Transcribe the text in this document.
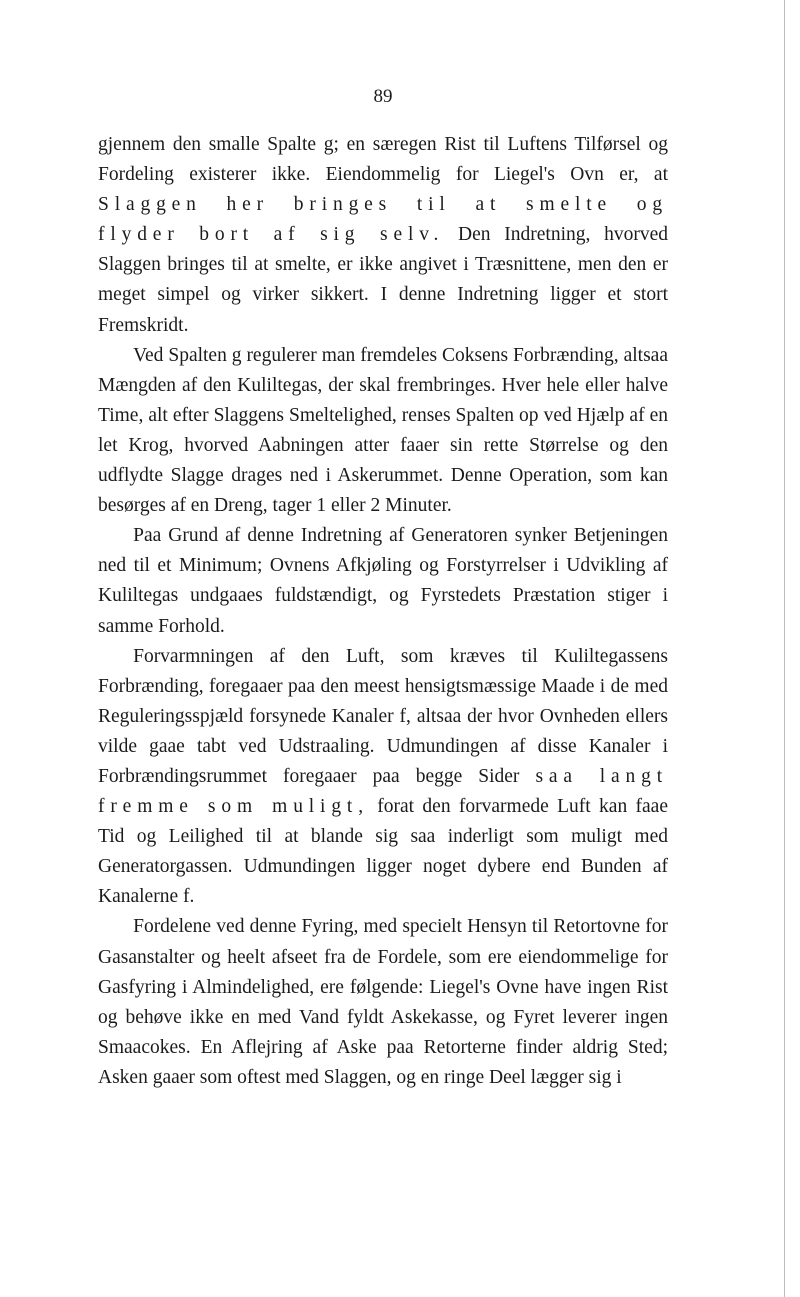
89

gjennem den smalle Spalte g; en særegen Rist til Luftens Tilførsel og Fordeling existerer ikke. Eiendommelig for Liegel's Ovn er, at Slaggen her bringes til at smelte og flyder bort af sig selv. Den Indretning, hvorved Slaggen bringes til at smelte, er ikke angivet i Træsnittene, men den er meget simpel og virker sikkert. I denne Indretning ligger et stort Fremskridt.

Ved Spalten g regulerer man fremdeles Coksens Forbrænding, altsaa Mængden af den Kuliltegas, der skal frembringes. Hver hele eller halve Time, alt efter Slaggens Smeltelighed, renses Spalten op ved Hjælp af en let Krog, hvorved Aabningen atter faaer sin rette Størrelse og den udflydte Slagge drages ned i Askerummet. Denne Operation, som kan besørges af en Dreng, tager 1 eller 2 Minuter.

Paa Grund af denne Indretning af Generatoren synker Betjeningen ned til et Minimum; Ovnens Afkjøling og Forstyrrelser i Udvikling af Kuliltegas undgaaes fuldstændigt, og Fyrstedets Præstation stiger i samme Forhold.

Forvarmningen af den Luft, som kræves til Kuliltegassens Forbrænding, foregaaer paa den meest hensigtsmæssige Maade i de med Reguleringsspjæld forsynede Kanaler f, altsaa der hvor Ovnheden ellers vilde gaae tabt ved Udstraaling. Udmundingen af disse Kanaler i Forbrændingsrummet foregaaer paa begge Sider saa langt fremme som muligt, forat den forvarmede Luft kan faae Tid og Leilighed til at blande sig saa inderligt som muligt med Generatorgassen. Udmundingen ligger noget dybere end Bunden af Kanalerne f.

Fordelene ved denne Fyring, med specielt Hensyn til Retortovne for Gasanstalter og heelt afseet fra de Fordele, som ere eiendommelige for Gasfyring i Almindelighed, ere følgende: Liegel's Ovne have ingen Rist og behøve ikke en med Vand fyldt Askekasse, og Fyret leverer ingen Smaacokes. En Aflejring af Aske paa Retorterne finder aldrig Sted; Asken gaaer som oftest med Slaggen, og en ringe Deel lægger sig i
